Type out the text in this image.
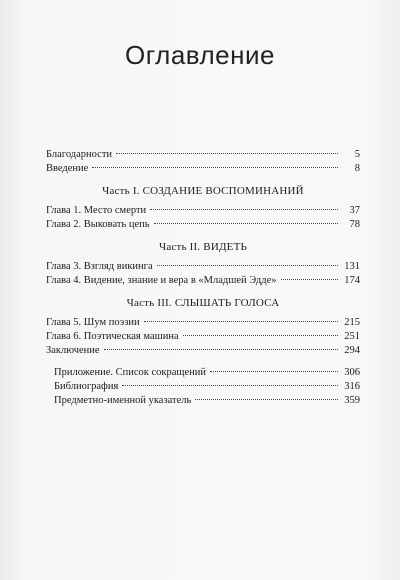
Оглавление
Благодарности	5
Введение	8
Часть I. СОЗДАНИЕ ВОСПОМИНАНИЙ
Глава 1. Место смерти	37
Глава 2. Выковать цепь	78
Часть II. ВИДЕТЬ
Глава 3. Взгляд викинга	131
Глава 4. Видение, знание и вера в «Младшей Эдде»	174
Часть III. СЛЫШАТЬ ГОЛОСА
Глава 5. Шум поэзии	215
Глава 6. Поэтическая машина	251
Заключение	294
Приложение. Список сокращений	306
Библиография	316
Предметно-именной указатель	359
